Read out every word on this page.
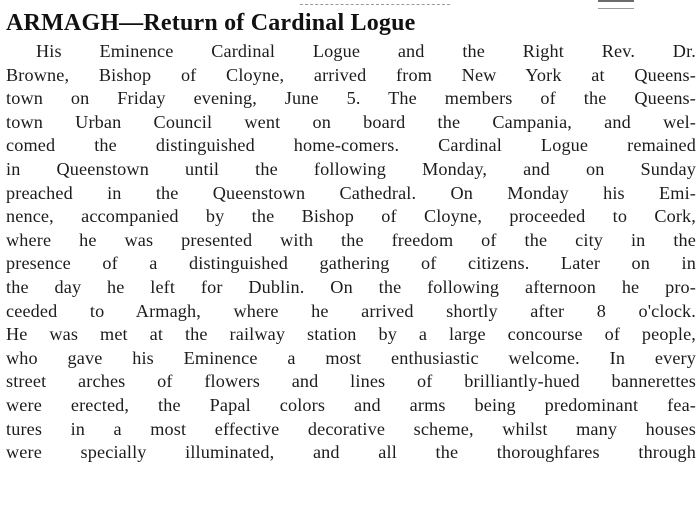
ARMAGH—Return of Cardinal Logue
His Eminence Cardinal Logue and the Right Rev. Dr.
Browne, Bishop of Cloyne, arrived from New York at Queens-
town on Friday evening, June 5. The members of the Queens-
town Urban Council went on board the Campania, and wel-
comed the distinguished home-comers. Cardinal Logue remained
in Queenstown until the following Monday, and on Sunday
preached in the Queenstown Cathedral. On Monday his Emi-
nence, accompanied by the Bishop of Cloyne, proceeded to Cork,
where he was presented with the freedom of the city in the
presence of a distinguished gathering of citizens. Later on in
the day he left for Dublin. On the following afternoon he pro-
ceeded to Armagh, where he arrived shortly after 8 o'clock.
He was met at the railway station by a large concourse of people,
who gave his Eminence a most enthusiastic welcome. In every
street arches of flowers and lines of brilliantly-hued bannerettes
were erected, the Papal colors and arms being predominant fea-
tures in a most effective decorative scheme, whilst many houses
were specially illuminated, and all the thoroughfares through
